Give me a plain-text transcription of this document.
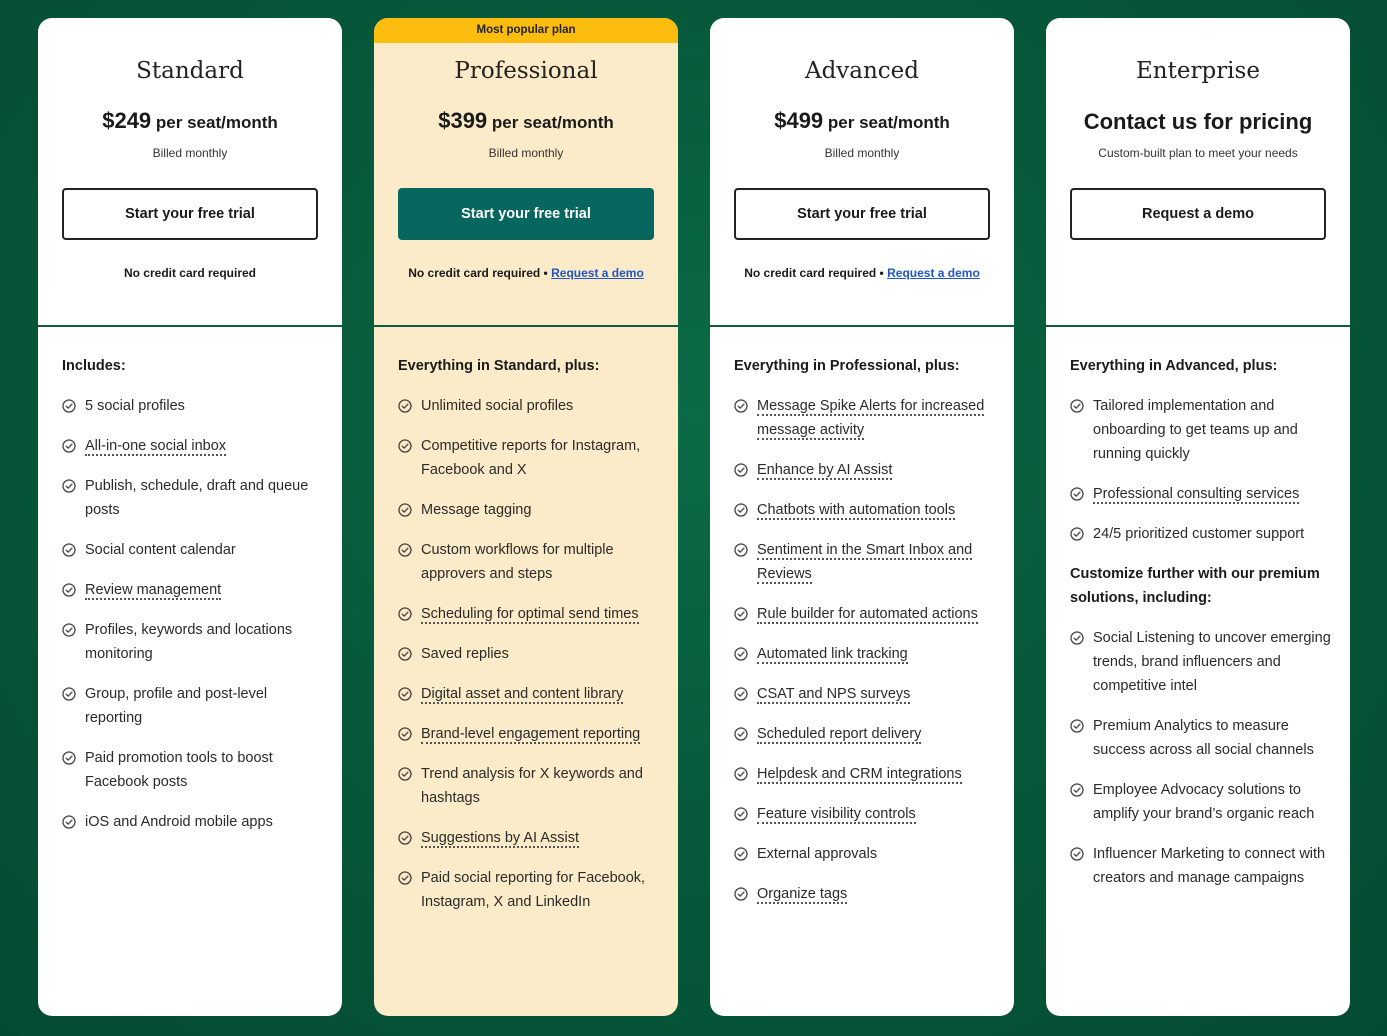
Standard
$249 per seat/month
Billed monthly
Start your free trial
No credit card required
Includes:
5 social profiles
All-in-one social inbox
Publish, schedule, draft and queue posts
Social content calendar
Review management
Profiles, keywords and locations monitoring
Group, profile and post-level reporting
Paid promotion tools to boost Facebook posts
iOS and Android mobile apps
Most popular plan
Professional
$399 per seat/month
Billed monthly
Start your free trial
No credit card required • Request a demo
Everything in Standard, plus:
Unlimited social profiles
Competitive reports for Instagram, Facebook and X
Message tagging
Custom workflows for multiple approvers and steps
Scheduling for optimal send times
Saved replies
Digital asset and content library
Brand-level engagement reporting
Trend analysis for X keywords and hashtags
Suggestions by AI Assist
Paid social reporting for Facebook, Instagram, X and LinkedIn
Advanced
$499 per seat/month
Billed monthly
Start your free trial
No credit card required • Request a demo
Everything in Professional, plus:
Message Spike Alerts for increased message activity
Enhance by AI Assist
Chatbots with automation tools
Sentiment in the Smart Inbox and Reviews
Rule builder for automated actions
Automated link tracking
CSAT and NPS surveys
Scheduled report delivery
Helpdesk and CRM integrations
Feature visibility controls
External approvals
Organize tags
Enterprise
Contact us for pricing
Custom-built plan to meet your needs
Request a demo
Everything in Advanced, plus:
Tailored implementation and onboarding to get teams up and running quickly
Professional consulting services
24/5 prioritized customer support
Customize further with our premium solutions, including:
Social Listening to uncover emerging trends, brand influencers and competitive intel
Premium Analytics to measure success across all social channels
Employee Advocacy solutions to amplify your brand’s organic reach
Influencer Marketing to connect with creators and manage campaigns
